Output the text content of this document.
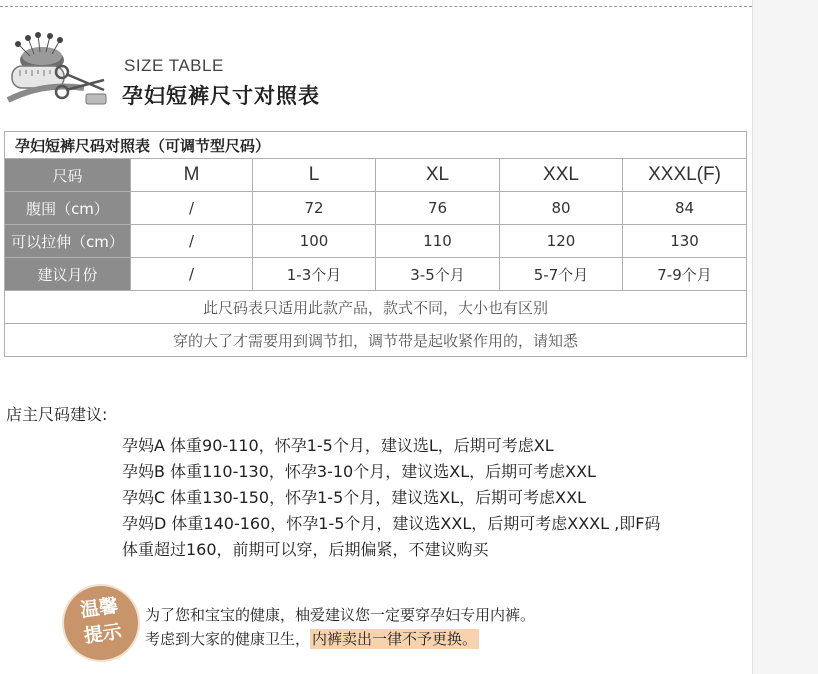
SIZE TABLE
孕妇短裤尺寸对照表
孕妇短裤尺码对照表（可调节型尺码）					
尺码	M	L	XL	XXL	XXXL(F)
腹围（cm）	/	72	76	80	84
可以拉伸（cm）	/	100	110	120	130
建议月份	/	1-3个月	3-5个月	5-7个月	7-9个月
此尺码表只适用此款产品，款式不同，大小也有区别					
穿的大了才需要用到调节扣，调节带是起收紧作用的，请知悉					
店主尺码建议:
孕妈A 体重90-110，怀孕1-5个月，建议选L，后期可考虑XL
孕妈B 体重110-130，怀孕3-10个月，建议选XL，后期可考虑XXL
孕妈C 体重130-150，怀孕1-5个月，建议选XL，后期可考虑XXL
孕妈D 体重140-160，怀孕1-5个月，建议选XXL，后期可考虑XXXL ,即F码
体重超过160，前期可以穿，后期偏紧，不建议购买
温馨
提示
为了您和宝宝的健康，柚爱建议您一定要穿孕妇专用内裤。
考虑到大家的健康卫生， 内裤卖出一律不予更换。
